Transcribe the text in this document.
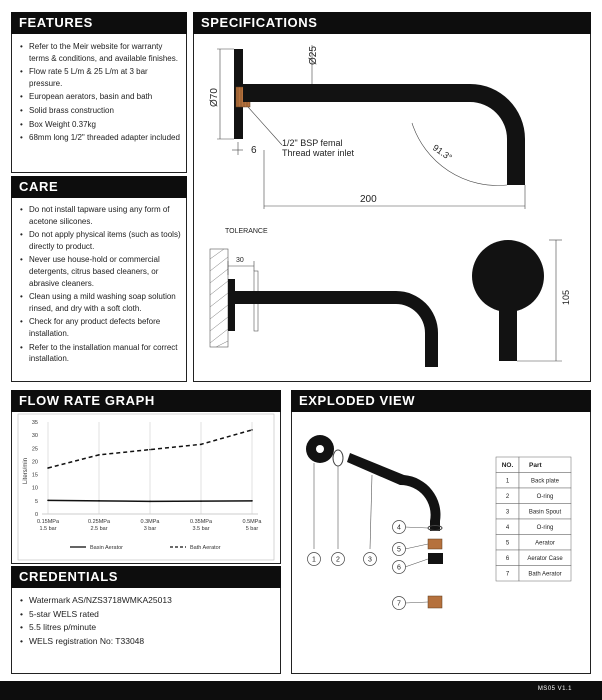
FEATURES
• Refer to the Meir website for warranty terms & conditions, and available finishes.
• Flow rate 5 L/m & 25 L/m at 3 bar pressure.
• European aerators, basin and bath
• Solid brass construction
• Box Weight 0.37kg
• 68mm long 1/2" threaded adapter included
CARE
• Do not install tapware using any form of acetone silicones.
• Do not apply physical items (such as tools) directly to product.
• Never use house-hold or commercial detergents, citrus based cleaners, or abrasive cleaners.
• Clean using a mild washing soap solution rinsed, and dry with a soft cloth.
• Check for any product defects before installation.
• Refer to the installation manual for correct installation.
SPECIFICATIONS
Ø25
Ø70
6
1/2" BSP femal
Thread water inlet	91.3°
200
TOLERANCE
30
105
FLOW RATE GRAPH
0
5
10
15
20
25
30
35
Liters/min
0.15MPa
1.5 bar
0.25MPa
2.5 bar
0.3MPa
3 bar
0.35MPa
3.5 bar
0.5MPa
5 bar
Basin Aerator	Bath Aerator
CREDENTIALS
• Watermark AS/NZS3718WMKA25013
• 5-star WELS rated
• 5.5 litres p/minute
• WELS registration No: T33048
EXPLODED VIEW
1	2	3
4
5
6
7
NO. Part
1	Back plate
2	O-ring
3	Basin Spout
4	O-ring
5	Aerator
6	Aerator Case
7	Bath Aerator
MS05 V1.1
